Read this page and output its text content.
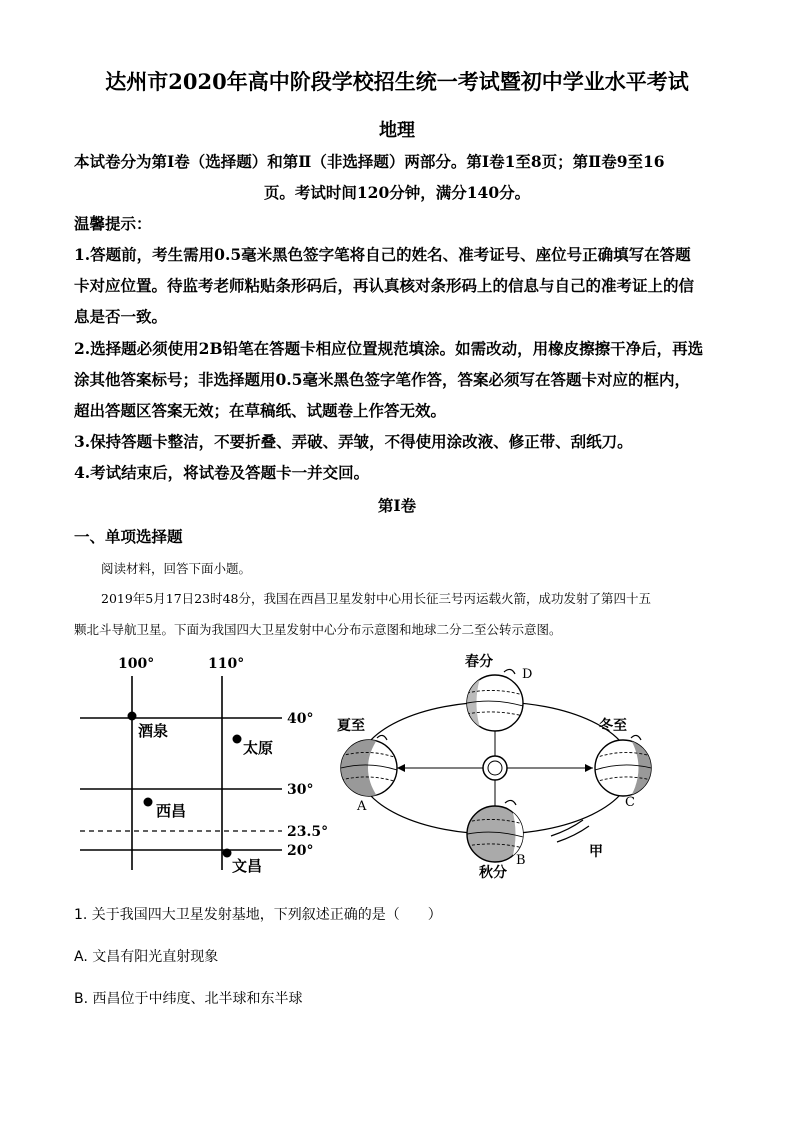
达州市2020年高中阶段学校招生统一考试暨初中学业水平考试
地理
本试卷分为第Ⅰ卷（选择题）和第Ⅱ（非选择题）两部分。第Ⅰ卷1至8页；第Ⅱ卷9至16
页。考试时间120分钟，满分140分。
温馨提示：
1.答题前，考生需用0.5毫米黑色签字笔将自己的姓名、准考证号、座位号正确填写在答题
卡对应位置。待监考老师粘贴条形码后，再认真核对条形码上的信息与自己的准考证上的信
息是否一致。
2.选择题必须使用2B铅笔在答题卡相应位置规范填涂。如需改动，用橡皮擦擦干净后，再选
涂其他答案标号；非选择题用0.5毫米黑色签字笔作答，答案必须写在答题卡对应的框内，
超出答题区答案无效；在草稿纸、试题卷上作答无效。
3.保持答题卡整洁，不要折叠、弄破、弄皱，不得使用涂改液、修正带、刮纸刀。
4.考试结束后，将试卷及答题卡一并交回。
第Ⅰ卷
一、单项选择题
阅读材料，回答下面小题。
2019年5月17日23时48分，我国在西昌卫星发射中心用长征三号丙运载火箭，成功发射了第四十五
颗北斗导航卫星。下面为我国四大卫星发射中心分布示意图和地球二分二至公转示意图。
100°	110°
40°
30°
23.5°
20°
酒泉
太原
西昌
文昌
春分
D
夏至
A
冬至
C
B
秋分
甲
1. 关于我国四大卫星发射基地，下列叙述正确的是（　　）
A. 文昌有阳光直射现象
B. 西昌位于中纬度、北半球和东半球
